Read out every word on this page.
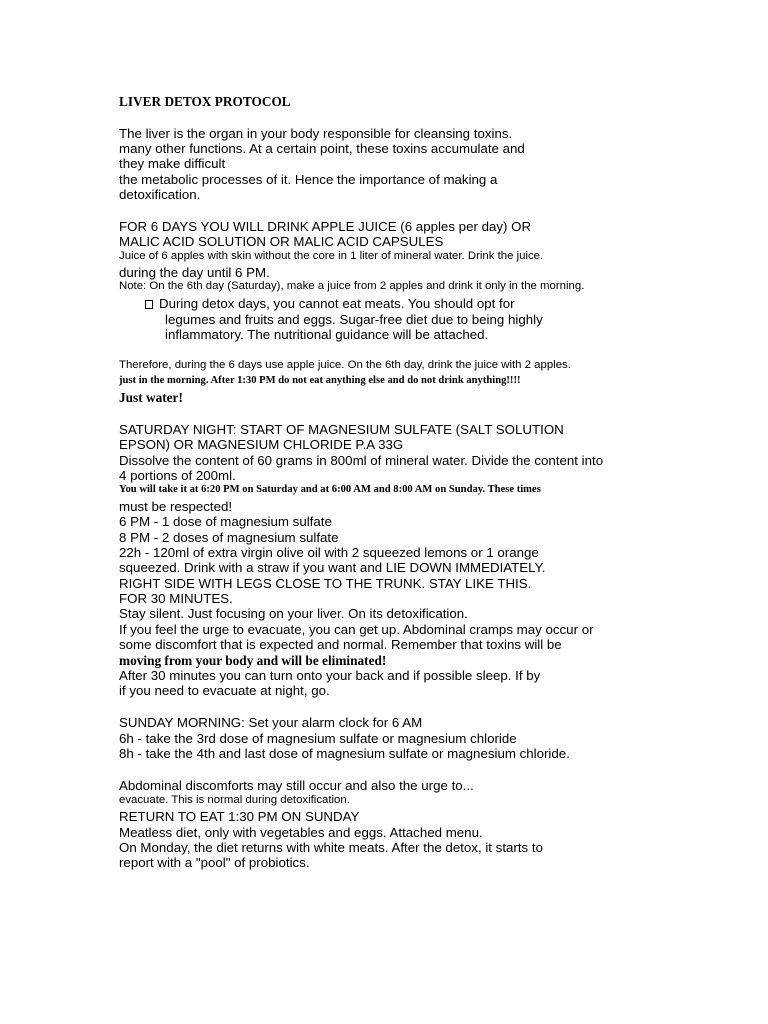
LIVER DETOX PROTOCOL
The liver is the organ in your body responsible for cleansing toxins.
many other functions. At a certain point, these toxins accumulate and
they make difficult
the metabolic processes of it. Hence the importance of making a
detoxification.
FOR 6 DAYS YOU WILL DRINK APPLE JUICE (6 apples per day) OR
MALIC ACID SOLUTION OR MALIC ACID CAPSULES
Juice of 6 apples with skin without the core in 1 liter of mineral water. Drink the juice.
during the day until 6 PM.
Note: On the 6th day (Saturday), make a juice from 2 apples and drink it only in the morning.
During detox days, you cannot eat meats. You should opt for
legumes and fruits and eggs. Sugar-free diet due to being highly
inflammatory. The nutritional guidance will be attached.
Therefore, during the 6 days use apple juice. On the 6th day, drink the juice with 2 apples.
just in the morning. After 1:30 PM do not eat anything else and do not drink anything!!!!
Just water!
SATURDAY NIGHT: START OF MAGNESIUM SULFATE (SALT SOLUTION
EPSON) OR MAGNESIUM CHLORIDE P.A 33G
Dissolve the content of 60 grams in 800ml of mineral water. Divide the content into
4 portions of 200ml.
You will take it at 6:20 PM on Saturday and at 6:00 AM and 8:00 AM on Sunday. These times
must be respected!
6 PM - 1 dose of magnesium sulfate
8 PM - 2 doses of magnesium sulfate
22h - 120ml of extra virgin olive oil with 2 squeezed lemons or 1 orange
squeezed. Drink with a straw if you want and LIE DOWN IMMEDIATELY.
RIGHT SIDE WITH LEGS CLOSE TO THE TRUNK. STAY LIKE THIS.
FOR 30 MINUTES.
Stay silent. Just focusing on your liver. On its detoxification.
If you feel the urge to evacuate, you can get up. Abdominal cramps may occur or
some discomfort that is expected and normal. Remember that toxins will be
moving from your body and will be eliminated!
After 30 minutes you can turn onto your back and if possible sleep. If by
if you need to evacuate at night, go.
SUNDAY MORNING: Set your alarm clock for 6 AM
6h - take the 3rd dose of magnesium sulfate or magnesium chloride
8h - take the 4th and last dose of magnesium sulfate or magnesium chloride.
Abdominal discomforts may still occur and also the urge to...
evacuate. This is normal during detoxification.
RETURN TO EAT 1:30 PM ON SUNDAY
Meatless diet, only with vegetables and eggs. Attached menu.
On Monday, the diet returns with white meats. After the detox, it starts to
report with a "pool" of probiotics.
